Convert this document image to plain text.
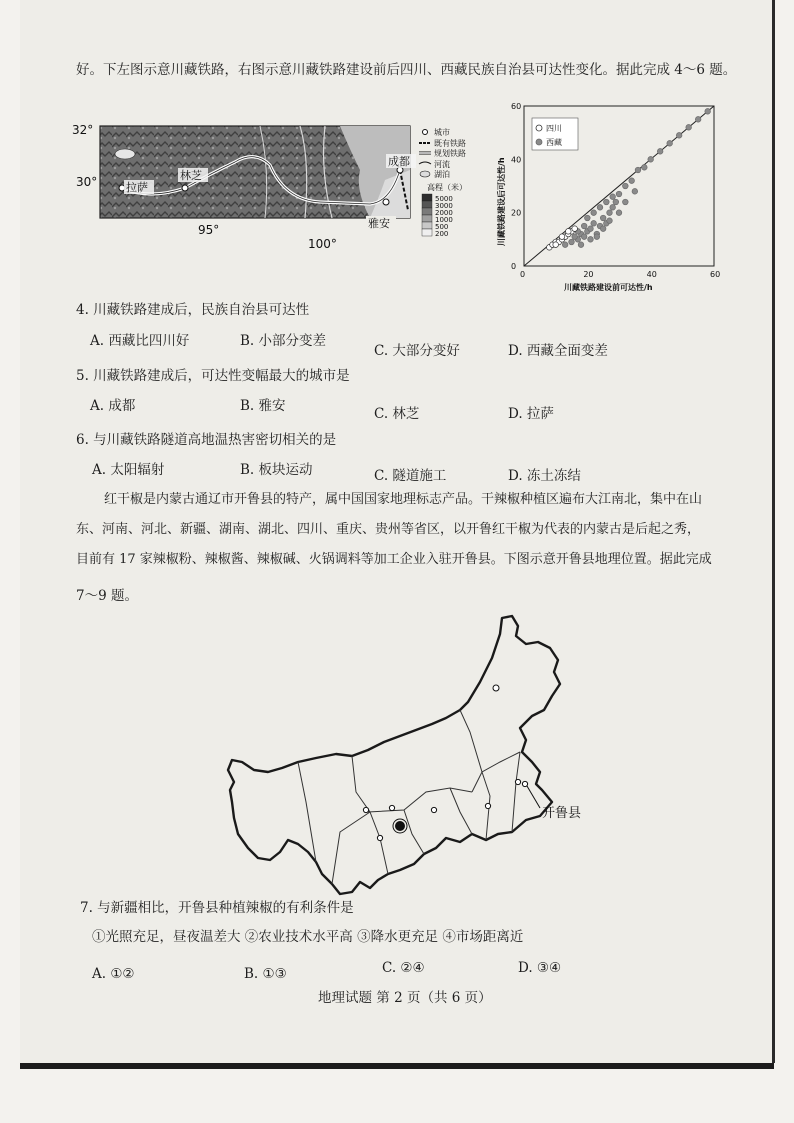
好。下左图示意川藏铁路，右图示意川藏铁路建设前后四川、西藏民族自治县可达性变化。据此完成 4～6 题。
拉萨
林芝
成都
雅安
32°
30°
95°
100°
城市
既有铁路
规划铁路
河流
湖泊
高程（米）
5000
3000
2000
1000
500
200
0	20	40	60
0
20
40
60
川藏铁路建设前可达性/h
川藏铁路建设后可达性/h
四川
西藏
4. 川藏铁路建成后，民族自治县可达性
A. 西藏比四川好	B. 小部分变差
C. 大部分变好	D. 西藏全面变差
5. 川藏铁路建成后，可达性变幅最大的城市是
A. 成都	B. 雅安	C. 林芝	D. 拉萨
6. 与川藏铁路隧道高地温热害密切相关的是
A. 太阳辐射	B. 板块运动	C. 隧道施工	D. 冻土冻结
红干椒是内蒙古通辽市开鲁县的特产，属中国国家地理标志产品。干辣椒种植区遍布大江南北，集中在山
东、河南、河北、新疆、湖南、湖北、四川、重庆、贵州等省区，以开鲁红干椒为代表的内蒙古是后起之秀，
目前有 17 家辣椒粉、辣椒酱、辣椒碱、火锅调料等加工企业入驻开鲁县。下图示意开鲁县地理位置。据此完成
7～9 题。
开鲁县
7. 与新疆相比，开鲁县种植辣椒的有利条件是
①光照充足，昼夜温差大 ②农业技术水平高 ③降水更充足 ④市场距离近
A. ①②	B. ①③	C. ②④	D. ③④
地理试题 第 2 页（共 6 页）
